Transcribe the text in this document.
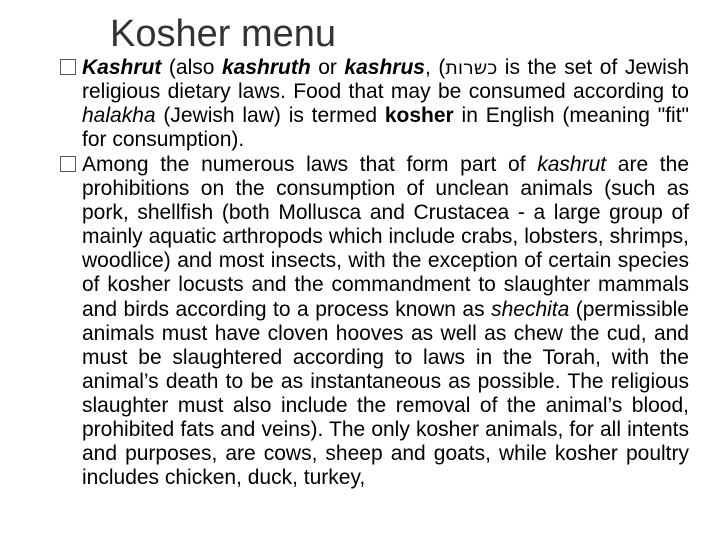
Kosher menu
Kashrut (also kashruth or kashrus, (כשרות is the set of Jewish religious dietary laws. Food that may be consumed according to halakha (Jewish law) is termed kosher in English (meaning "fit" for consumption).
Among the numerous laws that form part of kashrut are the prohibitions on the consumption of unclean animals (such as pork, shellfish (both Mollusca and Crustacea - a large group of mainly aquatic arthropods which include crabs, lobsters, shrimps, woodlice) and most insects, with the exception of certain species of kosher locusts and the commandment to slaughter mammals and birds according to a process known as shechita (permissible animals must have cloven hooves as well as chew the cud, and must be slaughtered according to laws in the Torah, with the animal’s death to be as instantaneous as possible. The religious slaughter must also include the removal of the animal’s blood, prohibited fats and veins). The only kosher animals, for all intents and purposes, are cows, sheep and goats, while kosher poultry includes chicken, duck, turkey,
